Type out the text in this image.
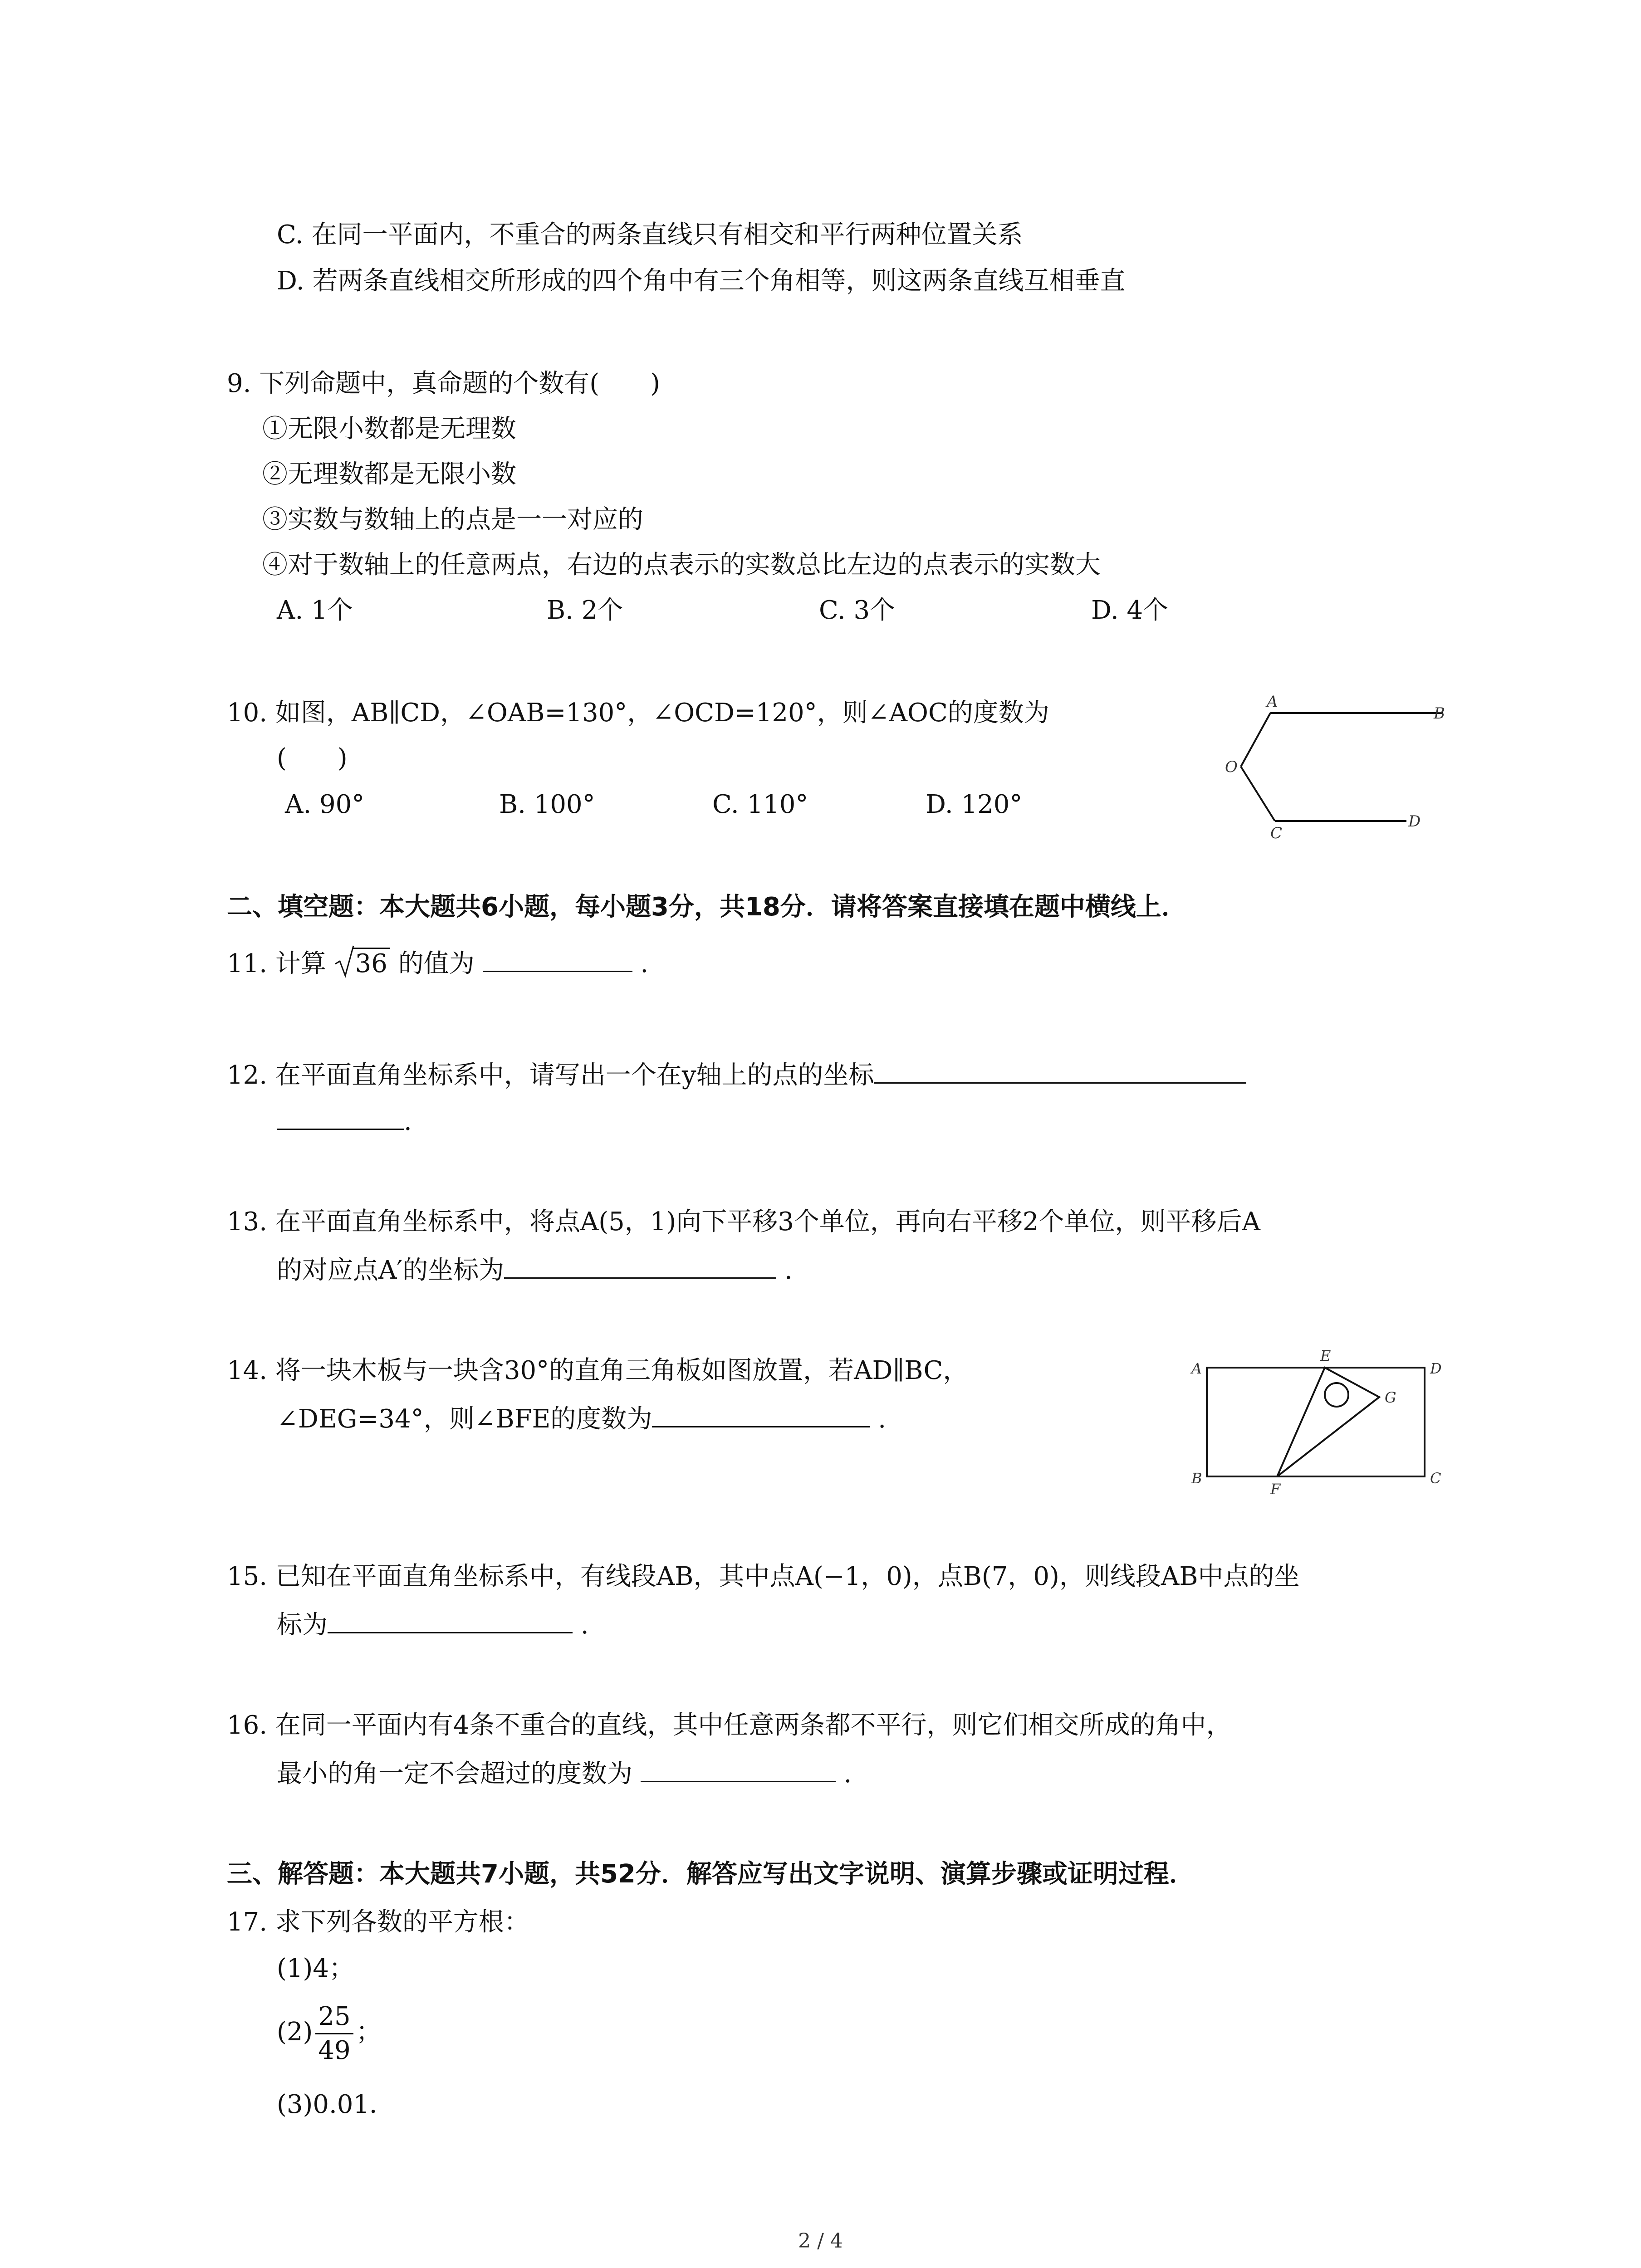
C. 在同一平面内，不重合的两条直线只有相交和平行两种位置关系
D. 若两条直线相交所形成的四个角中有三个角相等，则这两条直线互相垂直
9. 下列命题中，真命题的个数有(　　)
①无限小数都是无理数
②无理数都是无限小数
③实数与数轴上的点是一一对应的
④对于数轴上的任意两点，右边的点表示的实数总比左边的点表示的实数大
A. 1个	B. 2个	C. 3个	D. 4个
10. 如图，AB∥CD，∠OAB=130°，∠OCD=120°，则∠AOC的度数为
(　　)
A. 90°	B. 100°	C. 110°	D. 120°
A
B
O
C
D
二、填空题：本大题共6小题，每小题3分，共18分．请将答案直接填在题中横线上．
11. 计算 36 的值为	.
12. 在平面直角坐标系中，请写出一个在y轴上的点的坐标
.
13. 在平面直角坐标系中，将点A(5，1)向下平移3个单位，再向右平移2个单位，则平移后A
的对应点A′的坐标为	.
14. 将一块木板与一块含30°的直角三角板如图放置，若AD∥BC，
∠DEG=34°，则∠BFE的度数为	.
A
E
D
G
B
F
C
15. 已知在平面直角坐标系中，有线段AB，其中点A(−1，0)，点B(7，0)，则线段AB中点的坐
标为	.
16. 在同一平面内有4条不重合的直线，其中任意两条都不平行，则它们相交所成的角中，
最小的角一定不会超过的度数为	.
三、解答题：本大题共7小题，共52分．解答应写出文字说明、演算步骤或证明过程．
17. 求下列各数的平方根：
(1)4；
$(2) \frac{25}{49}$ ；
(3)0.01．
2 / 4
